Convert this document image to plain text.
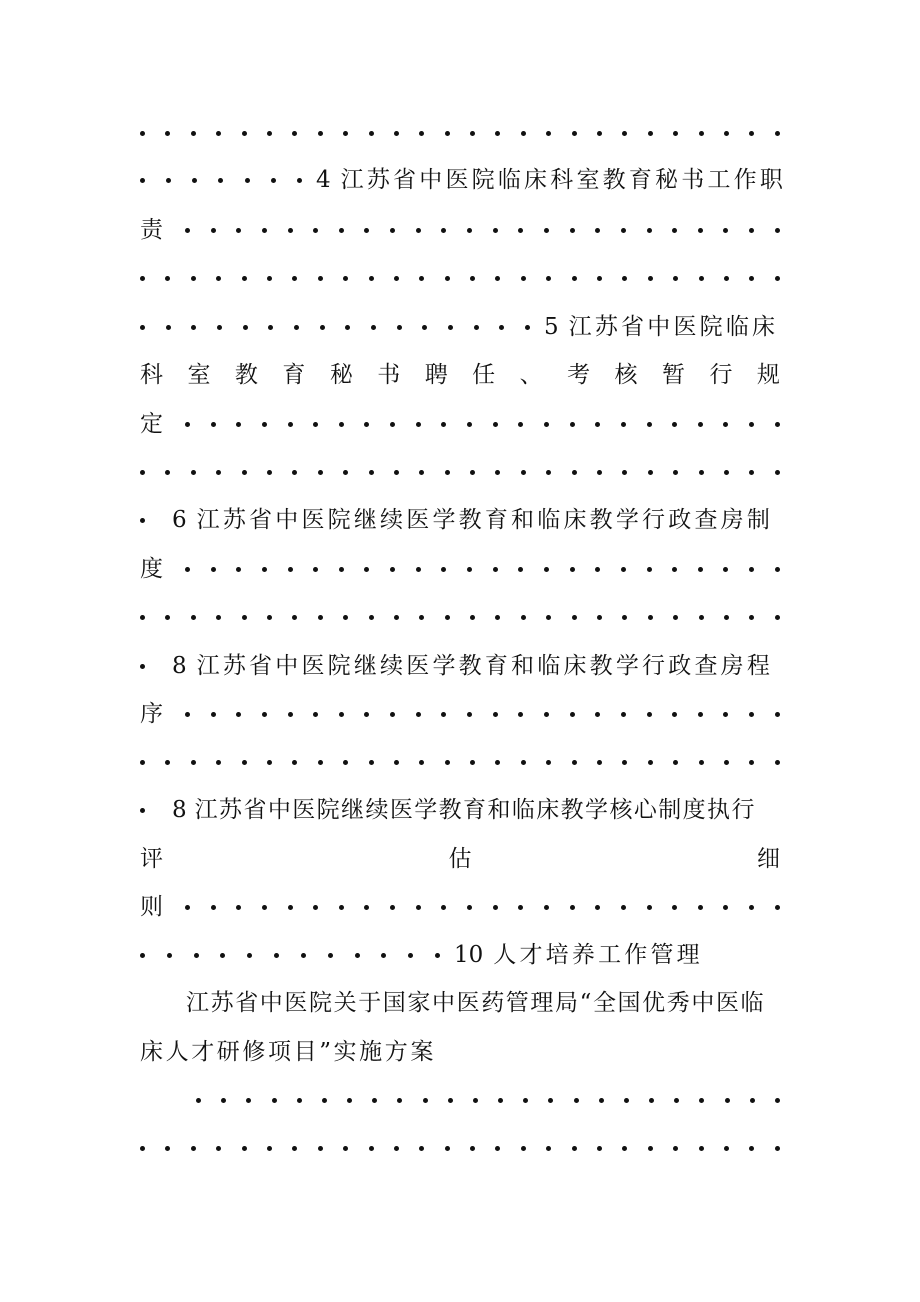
4 江苏省中医院临床科室教育秘书工作职
责
5 江苏省中医院临床
科 室 教 育 秘 书 聘 任 、 考 核 暂 行 规
定
6 江苏省中医院继续医学教育和临床教学行政查房制
度
8 江苏省中医院继续医学教育和临床教学行政查房程
序
8 江苏省中医院继续医学教育和临床教学核心制度执行
评	估	细
则
10 人才培养工作管理
江苏省中医院关于国家中医药管理局“全国优秀中医临
床人才研修项目”实施方案
